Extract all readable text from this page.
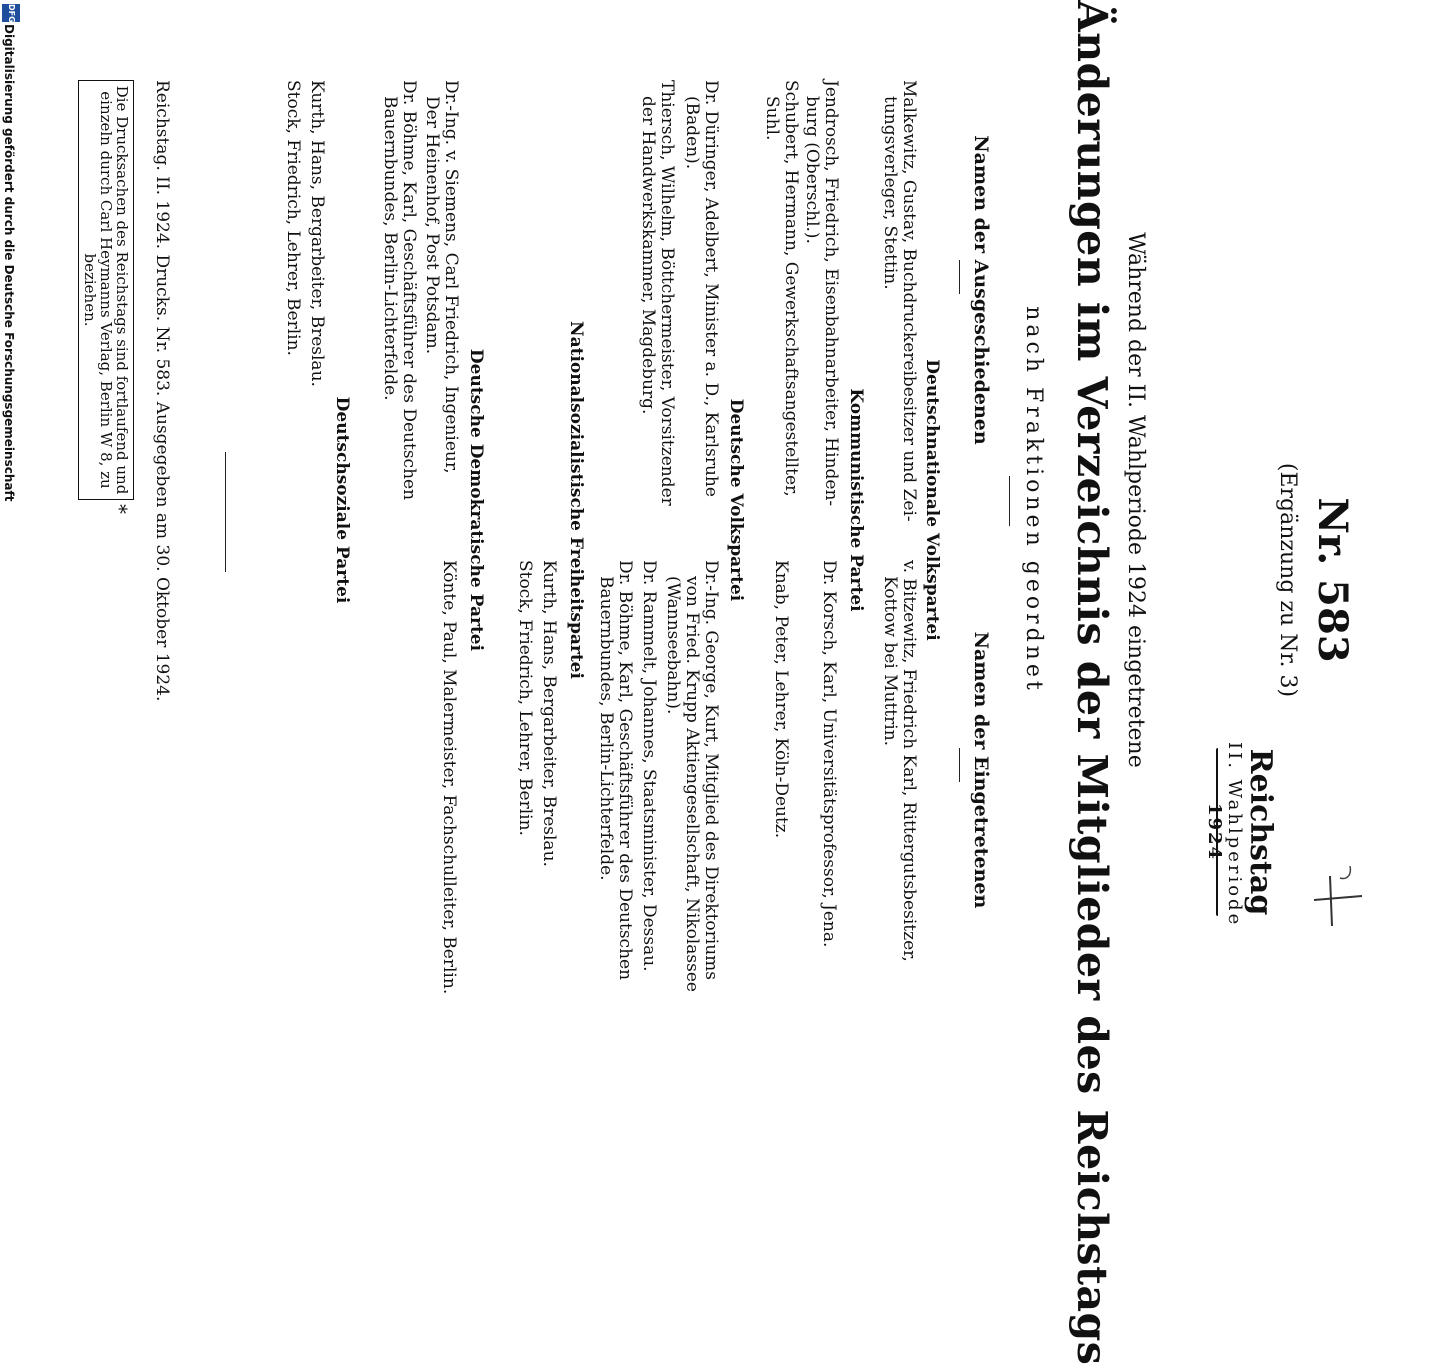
Reichstag
II. Wahlperiode
1924
Nr. 583
(Ergänzung zu Nr. 3)
Während der II. Wahlperiode 1924 eingetretene
Änderungen im Verzeichnis der Mitglieder des Reichstags
nach Fraktionen geordnet
Namen der Ausgeschiedenen
Namen der Eingetretenen
Deutschnationale Volkspartei
Malkewitz, Gustav, Buchdruckereibesitzer und Zei-
tungsverleger, Stettin.
v. Bitzewitz, Friedrich Karl, Rittergutsbesitzer,
Kottow bei Muttrin.
Kommunistische Partei
Jendrosch, Friedrich, Eisenbahnarbeiter, Hinden-
burg (Oberschl.).
Schubert, Hermann, Gewerkschaftsangestellter,
Suhl.
Dr. Korsch, Karl, Universitätsprofessor, Jena.
Knab, Peter, Lehrer, Köln-Deutz.
Deutsche Volkspartei
Dr. Düringer, Adelbert, Minister a. D., Karlsruhe
(Baden).
Thiersch, Wilhelm, Böttchermeister, Vorsitzender
der Handwerkskammer, Magdeburg.
Dr.-Ing. George, Kurt, Mitglied des Direktoriums
von Fried. Krupp Aktiengesellschaft, Nikolassee
(Wannseebahn).
Dr. Rammelt, Johannes, Staatsminister, Dessau.
Dr. Böhme, Karl, Geschäftsführer des Deutschen
Bauernbundes, Berlin-Lichterfelde.
Nationalsozialistische Freiheitspartei
Kurth, Hans, Bergarbeiter, Breslau.
Stock, Friedrich, Lehrer, Berlin.
Deutsche Demokratische Partei
Dr.-Ing. v. Siemens, Carl Friedrich, Ingenieur,
Der Heinenhof, Post Potsdam.
Dr. Böhme, Karl, Geschäftsführer des Deutschen
Bauernbundes, Berlin-Lichterfelde.
Könte, Paul, Malermeister, Fachschulleiter, Berlin.
Deutschsoziale Partei
Kurth, Hans, Bergarbeiter, Breslau.
Stock, Friedrich, Lehrer, Berlin.
Reichstag. II. 1924. Drucks. Nr. 583. Ausgegeben am 30. Oktober 1924.
Die Drucksachen des Reichstags sind fortlaufend und einzeln durch Carl Heymanns Verlag, Berlin W 8, zu beziehen.
*
DFG
Digitalisierung gefördert durch die Deutsche Forschungsgemeinschaft
